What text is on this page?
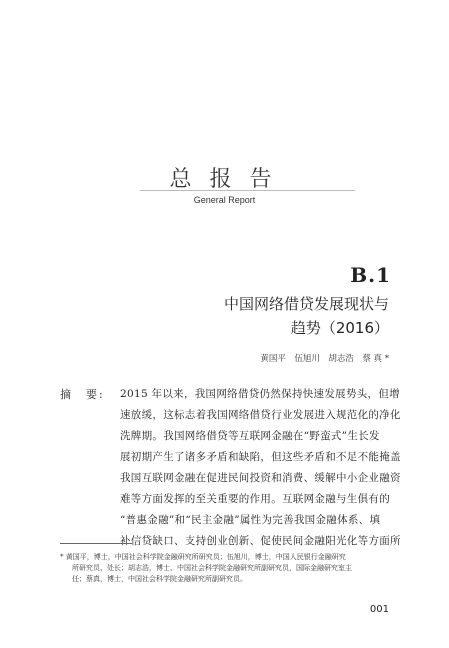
总报告
General Report
B.1
中国网络借贷发展现状与
趋势（2016）
黄国平　伍旭川　胡志浩　蔡 真 *
摘　要: 2015 年以来，我国网络借贷仍然保持快速发展势头，但增
速放缓，这标志着我国网络借贷行业发展进入规范化的净化
洗牌期。我国网络借贷等互联网金融在“野蛮式”生长发
展初期产生了诸多矛盾和缺陷，但这些矛盾和不足不能掩盖
我国互联网金融在促进民间投资和消费、缓解中小企业融资
难等方面发挥的至关重要的作用。互联网金融与生俱有的
“普惠金融”和“民主金融”属性为完善我国金融体系、填
补信贷缺口、支持创业创新、促使民间金融阳光化等方面所
* 黄国平，博士，中国社会科学院金融研究所研究员；伍旭川，博士，中国人民银行金融研究
所研究员、处长；胡志浩，博士，中国社会科学院金融研究所副研究员，国际金融研究室主
任；蔡真，博士，中国社会科学院金融研究所副研究员。
001
